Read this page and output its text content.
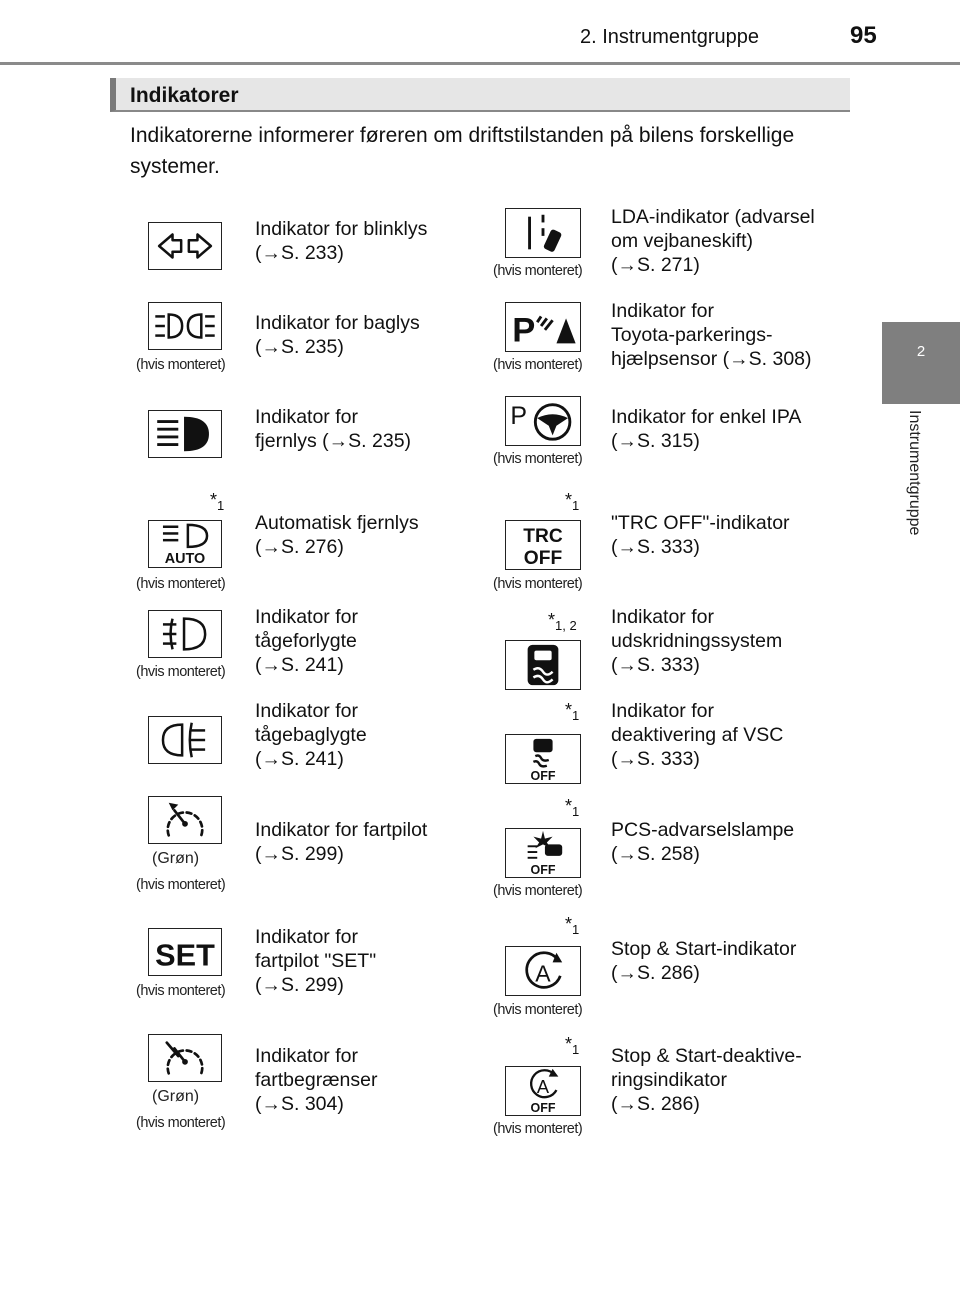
2. Instrumentgruppe	95
2
Instrumentgruppe
Indikatorer
Indikatorerne informerer føreren om driftstilstanden på bilens forskellige systemer.
Indikator for blinklys
(→S. 233)
(hvis monteret)
Indikator for baglys
(→S. 235)
Indikator for
fjernlys (→S. 235)
$*_1$
AUTO
(hvis monteret)
Automatisk fjernlys
(→S. 276)
(hvis monteret)
Indikator for
tågeforlygte
(→S. 241)
Indikator for
tågebaglygte
(→S. 241)
(Grøn)
(hvis monteret)
Indikator for fartpilot
(→S. 299)
SET
(hvis monteret)
Indikator for
fartpilot "SET"
(→S. 299)
(Grøn)
(hvis monteret)
Indikator for
fartbegrænser
(→S. 304)
(hvis monteret)
LDA-indikator (advarsel
om vejbaneskift)
(→S. 271)
P
(hvis monteret)
Indikator for
Toyota-parkerings-
hjælpsensor (→S. 308)
P
(hvis monteret)
Indikator for enkel IPA
(→S. 315)
$*_1$
TRC
OFF
(hvis monteret)
"TRC OFF"-indikator
(→S. 333)
$*_{1, 2}$ Indikator for
udskridningssystem
(→S. 333)
$*_1$
OFF
Indikator for
deaktivering af VSC
(→S. 333)
$*_1$
OFF
(hvis monteret)
PCS-advarselslampe
(→S. 258)
$*_1$
A
(hvis monteret)
Stop & Start-indikator
(→S. 286)
$*_1$
A
OFF
(hvis monteret)
Stop & Start-deaktive-
ringsindikator
(→S. 286)
